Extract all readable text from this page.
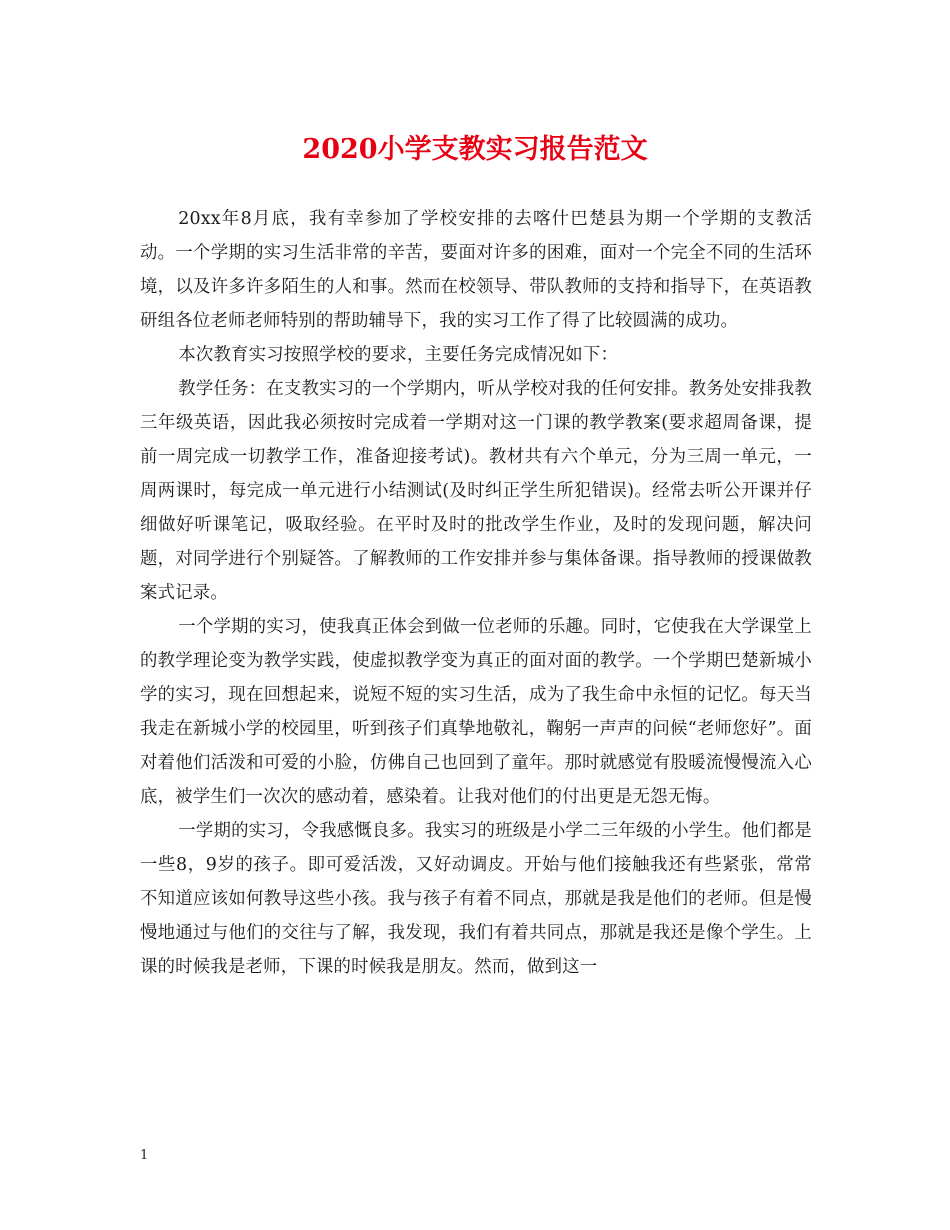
2020小学支教实习报告范文

20xx年8月底，我有幸参加了学校安排的去喀什巴楚县为期一个学期的支教活动。一个学期的实习生活非常的辛苦，要面对许多的困难，面对一个完全不同的生活环境，以及许多许多陌生的人和事。然而在校领导、带队教师的支持和指导下，在英语教研组各位老师老师特别的帮助辅导下，我的实习工作了得了比较圆满的成功。

本次教育实习按照学校的要求，主要任务完成情况如下：

教学任务：在支教实习的一个学期内，听从学校对我的任何安排。教务处安排我教三年级英语，因此我必须按时完成着一学期对这一门课的教学教案(要求超周备课，提前一周完成一切教学工作，准备迎接考试)。教材共有六个单元，分为三周一单元，一周两课时，每完成一单元进行小结测试(及时纠正学生所犯错误)。经常去听公开课并仔细做好听课笔记，吸取经验。在平时及时的批改学生作业，及时的发现问题，解决问题，对同学进行个别疑答。了解教师的工作安排并参与集体备课。指导教师的授课做教案式记录。

一个学期的实习，使我真正体会到做一位老师的乐趣。同时，它使我在大学课堂上的教学理论变为教学实践，使虚拟教学变为真正的面对面的教学。一个学期巴楚新城小学的实习，现在回想起来，说短不短的实习生活，成为了我生命中永恒的记忆。每天当我走在新城小学的校园里，听到孩子们真挚地敬礼，鞠躬一声声的问候“老师您好”。面对着他们活泼和可爱的小脸，仿佛自己也回到了童年。那时就感觉有股暖流慢慢流入心底，被学生们一次次的感动着，感染着。让我对他们的付出更是无怨无悔。

一学期的实习，令我感慨良多。我实习的班级是小学二三年级的小学生。他们都是一些8，9岁的孩子。即可爱活泼，又好动调皮。开始与他们接触我还有些紧张，常常不知道应该如何教导这些小孩。我与孩子有着不同点，那就是我是他们的老师。但是慢慢地通过与他们的交往与了解，我发现，我们有着共同点，那就是我还是像个学生。上课的时候我是老师，下课的时候我是朋友。然而，做到这一

1
